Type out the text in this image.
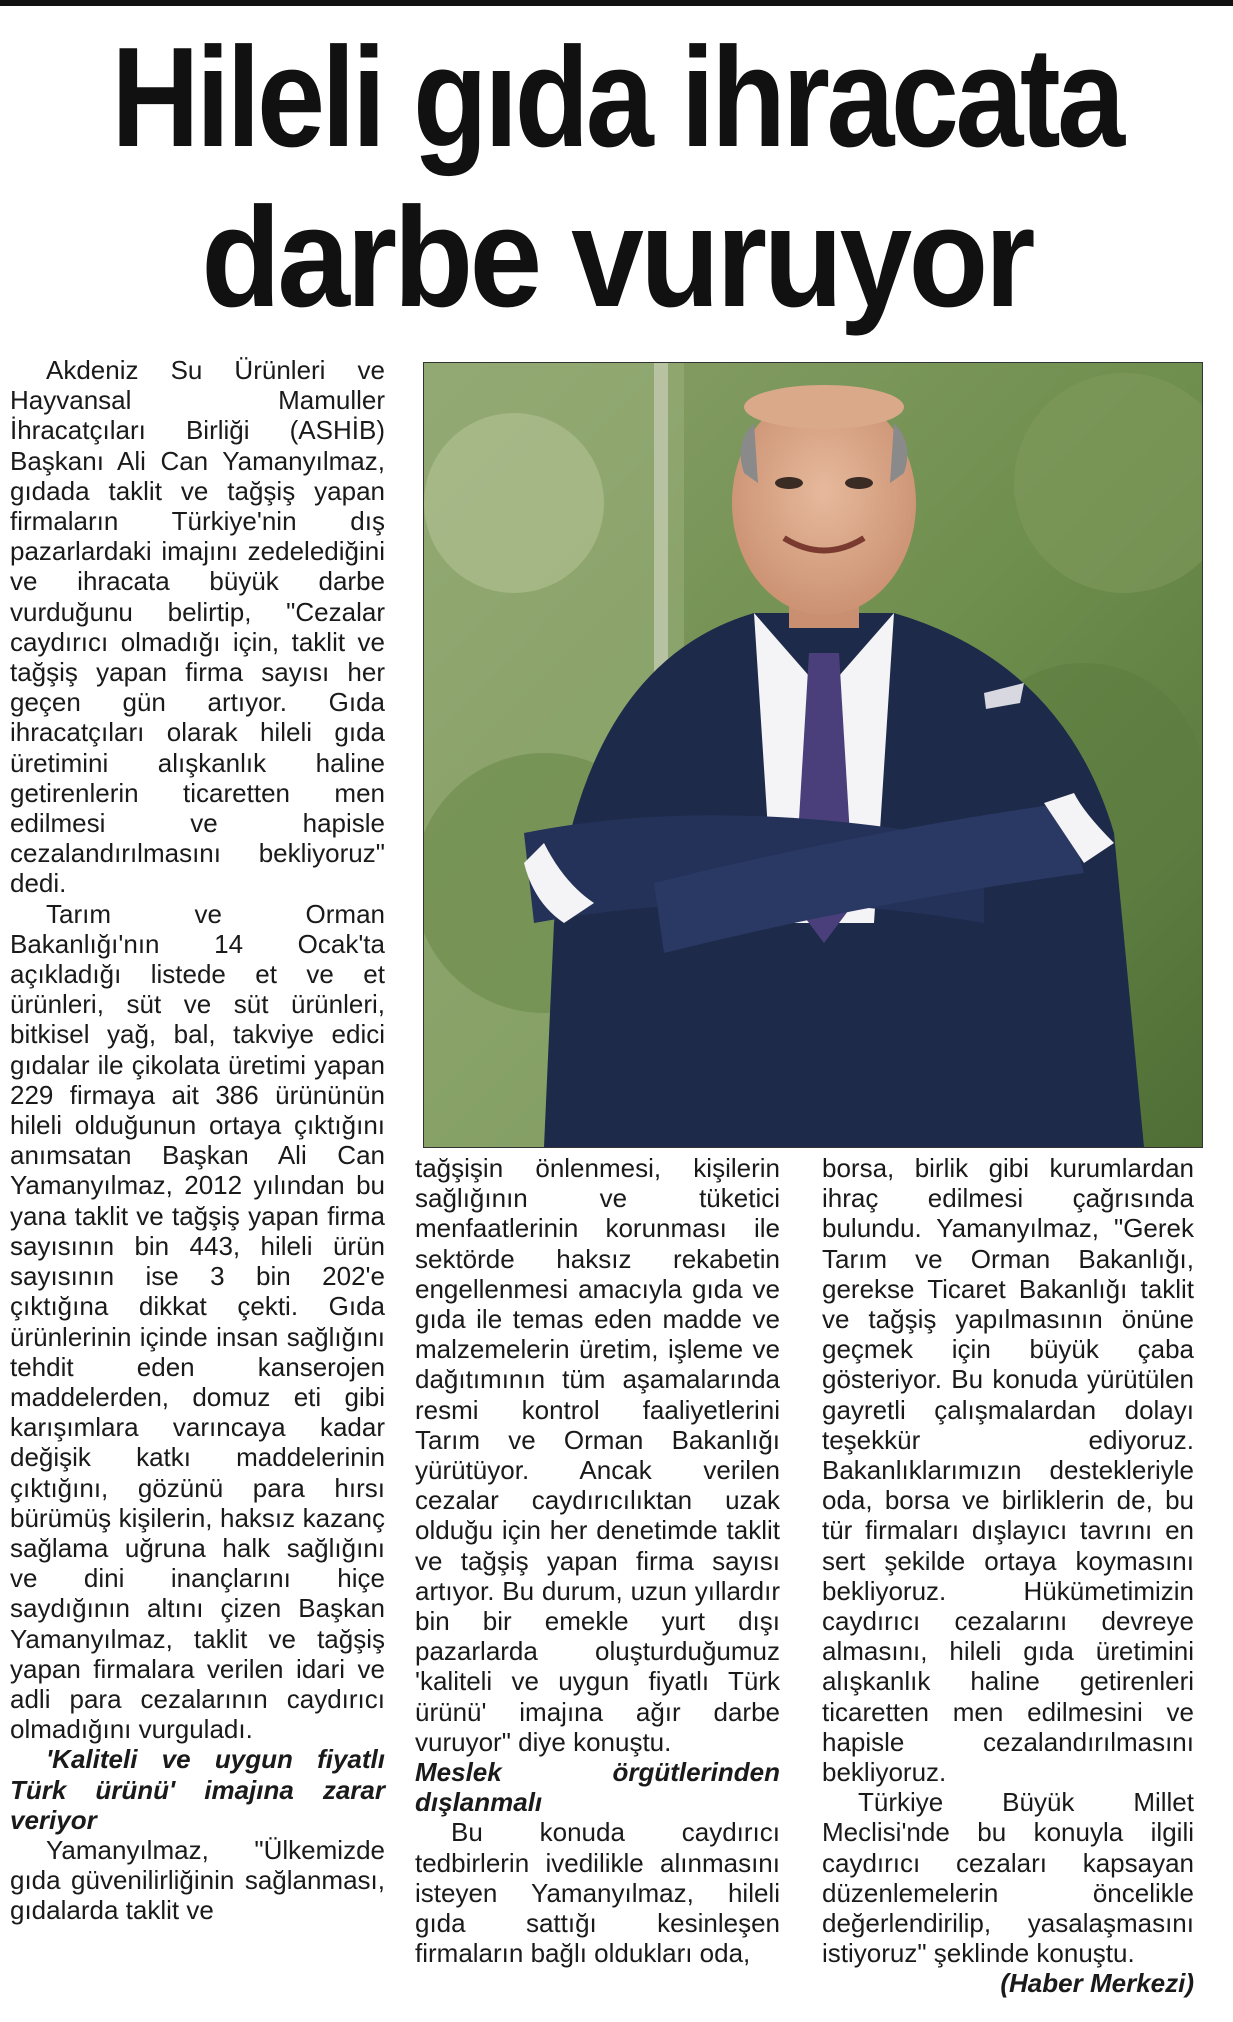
Hileli gıda ihracata
darbe vuruyor

Akdeniz Su Ürünleri ve Hayvansal Mamuller İhracatçıları Birliği (ASHİB) Başkanı Ali Can Yamanyılmaz, gıdada taklit ve tağşiş yapan firmaların Türkiye'nin dış pazarlardaki imajını zedelediğini ve ihracata büyük darbe vurduğunu belirtip, "Cezalar caydırıcı olmadığı için, taklit ve tağşiş yapan firma sayısı her geçen gün artıyor. Gıda ihracatçıları olarak hileli gıda üretimini alışkanlık haline getirenlerin ticaretten men edilmesi ve hapisle cezalandırılmasını bekliyoruz" dedi.

Tarım ve Orman Bakanlığı'nın 14 Ocak'ta açıkladığı listede et ve et ürünleri, süt ve süt ürünleri, bitkisel yağ, bal, takviye edici gıdalar ile çikolata üretimi yapan 229 firmaya ait 386 ürününün hileli olduğunun ortaya çıktığını anımsatan Başkan Ali Can Yamanyılmaz, 2012 yılından bu yana taklit ve tağşiş yapan firma sayısının bin 443, hileli ürün sayısının ise 3 bin 202'e çıktığına dikkat çekti. Gıda ürünlerinin içinde insan sağlığını tehdit eden kanserojen maddelerden, domuz eti gibi karışımlara varıncaya kadar değişik katkı maddelerinin çıktığını, gözünü para hırsı bürümüş kişilerin, haksız kazanç sağlama uğruna halk sağlığını ve dini inançlarını hiçe saydığının altını çizen Başkan Yamanyılmaz, taklit ve tağşiş yapan firmalara verilen idari ve adli para cezalarının caydırıcı olmadığını vurguladı.

'Kaliteli ve uygun fiyatlı Türk ürünü' imajına zarar veriyor

Yamanyılmaz, "Ülkemizde gıda güvenilirliğinin sağlanması, gıdalarda taklit ve

tağşişin önlenmesi, kişilerin sağlığının ve tüketici menfaatlerinin korunması ile sektörde haksız rekabetin engellenmesi amacıyla gıda ve gıda ile temas eden madde ve malzemelerin üretim, işleme ve dağıtımının tüm aşamalarında resmi kontrol faaliyetlerini Tarım ve Orman Bakanlığı yürütüyor. Ancak verilen cezalar caydırıcılıktan uzak olduğu için her denetimde taklit ve tağşiş yapan firma sayısı artıyor. Bu durum, uzun yıllardır bin bir emekle yurt dışı pazarlarda oluşturduğumuz 'kaliteli ve uygun fiyatlı Türk ürünü' imajına ağır darbe vuruyor" diye konuştu.

Meslek örgütlerinden dışlanmalı

Bu konuda caydırıcı tedbirlerin ivedilikle alınmasını isteyen Yamanyılmaz, hileli gıda sattığı kesinleşen firmaların bağlı oldukları oda,

borsa, birlik gibi kurumlardan ihraç edilmesi çağrısında bulundu. Yamanyılmaz, "Gerek Tarım ve Orman Bakanlığı, gerekse Ticaret Bakanlığı taklit ve tağşiş yapılmasının önüne geçmek için büyük çaba gösteriyor. Bu konuda yürütülen gayretli çalışmalardan dolayı teşekkür ediyoruz. Bakanlıklarımızın destekleriyle oda, borsa ve birliklerin de, bu tür firmaları dışlayıcı tavrını en sert şekilde ortaya koymasını bekliyoruz. Hükümetimizin caydırıcı cezalarını devreye almasını, hileli gıda üretimini alışkanlık haline getirenleri ticaretten men edilmesini ve hapisle cezalandırılmasını bekliyoruz.

Türkiye Büyük Millet Meclisi'nde bu konuyla ilgili caydırıcı cezaları kapsayan düzenlemelerin öncelikle değerlendirilip, yasalaşmasını istiyoruz" şeklinde konuştu.

(Haber Merkezi)
